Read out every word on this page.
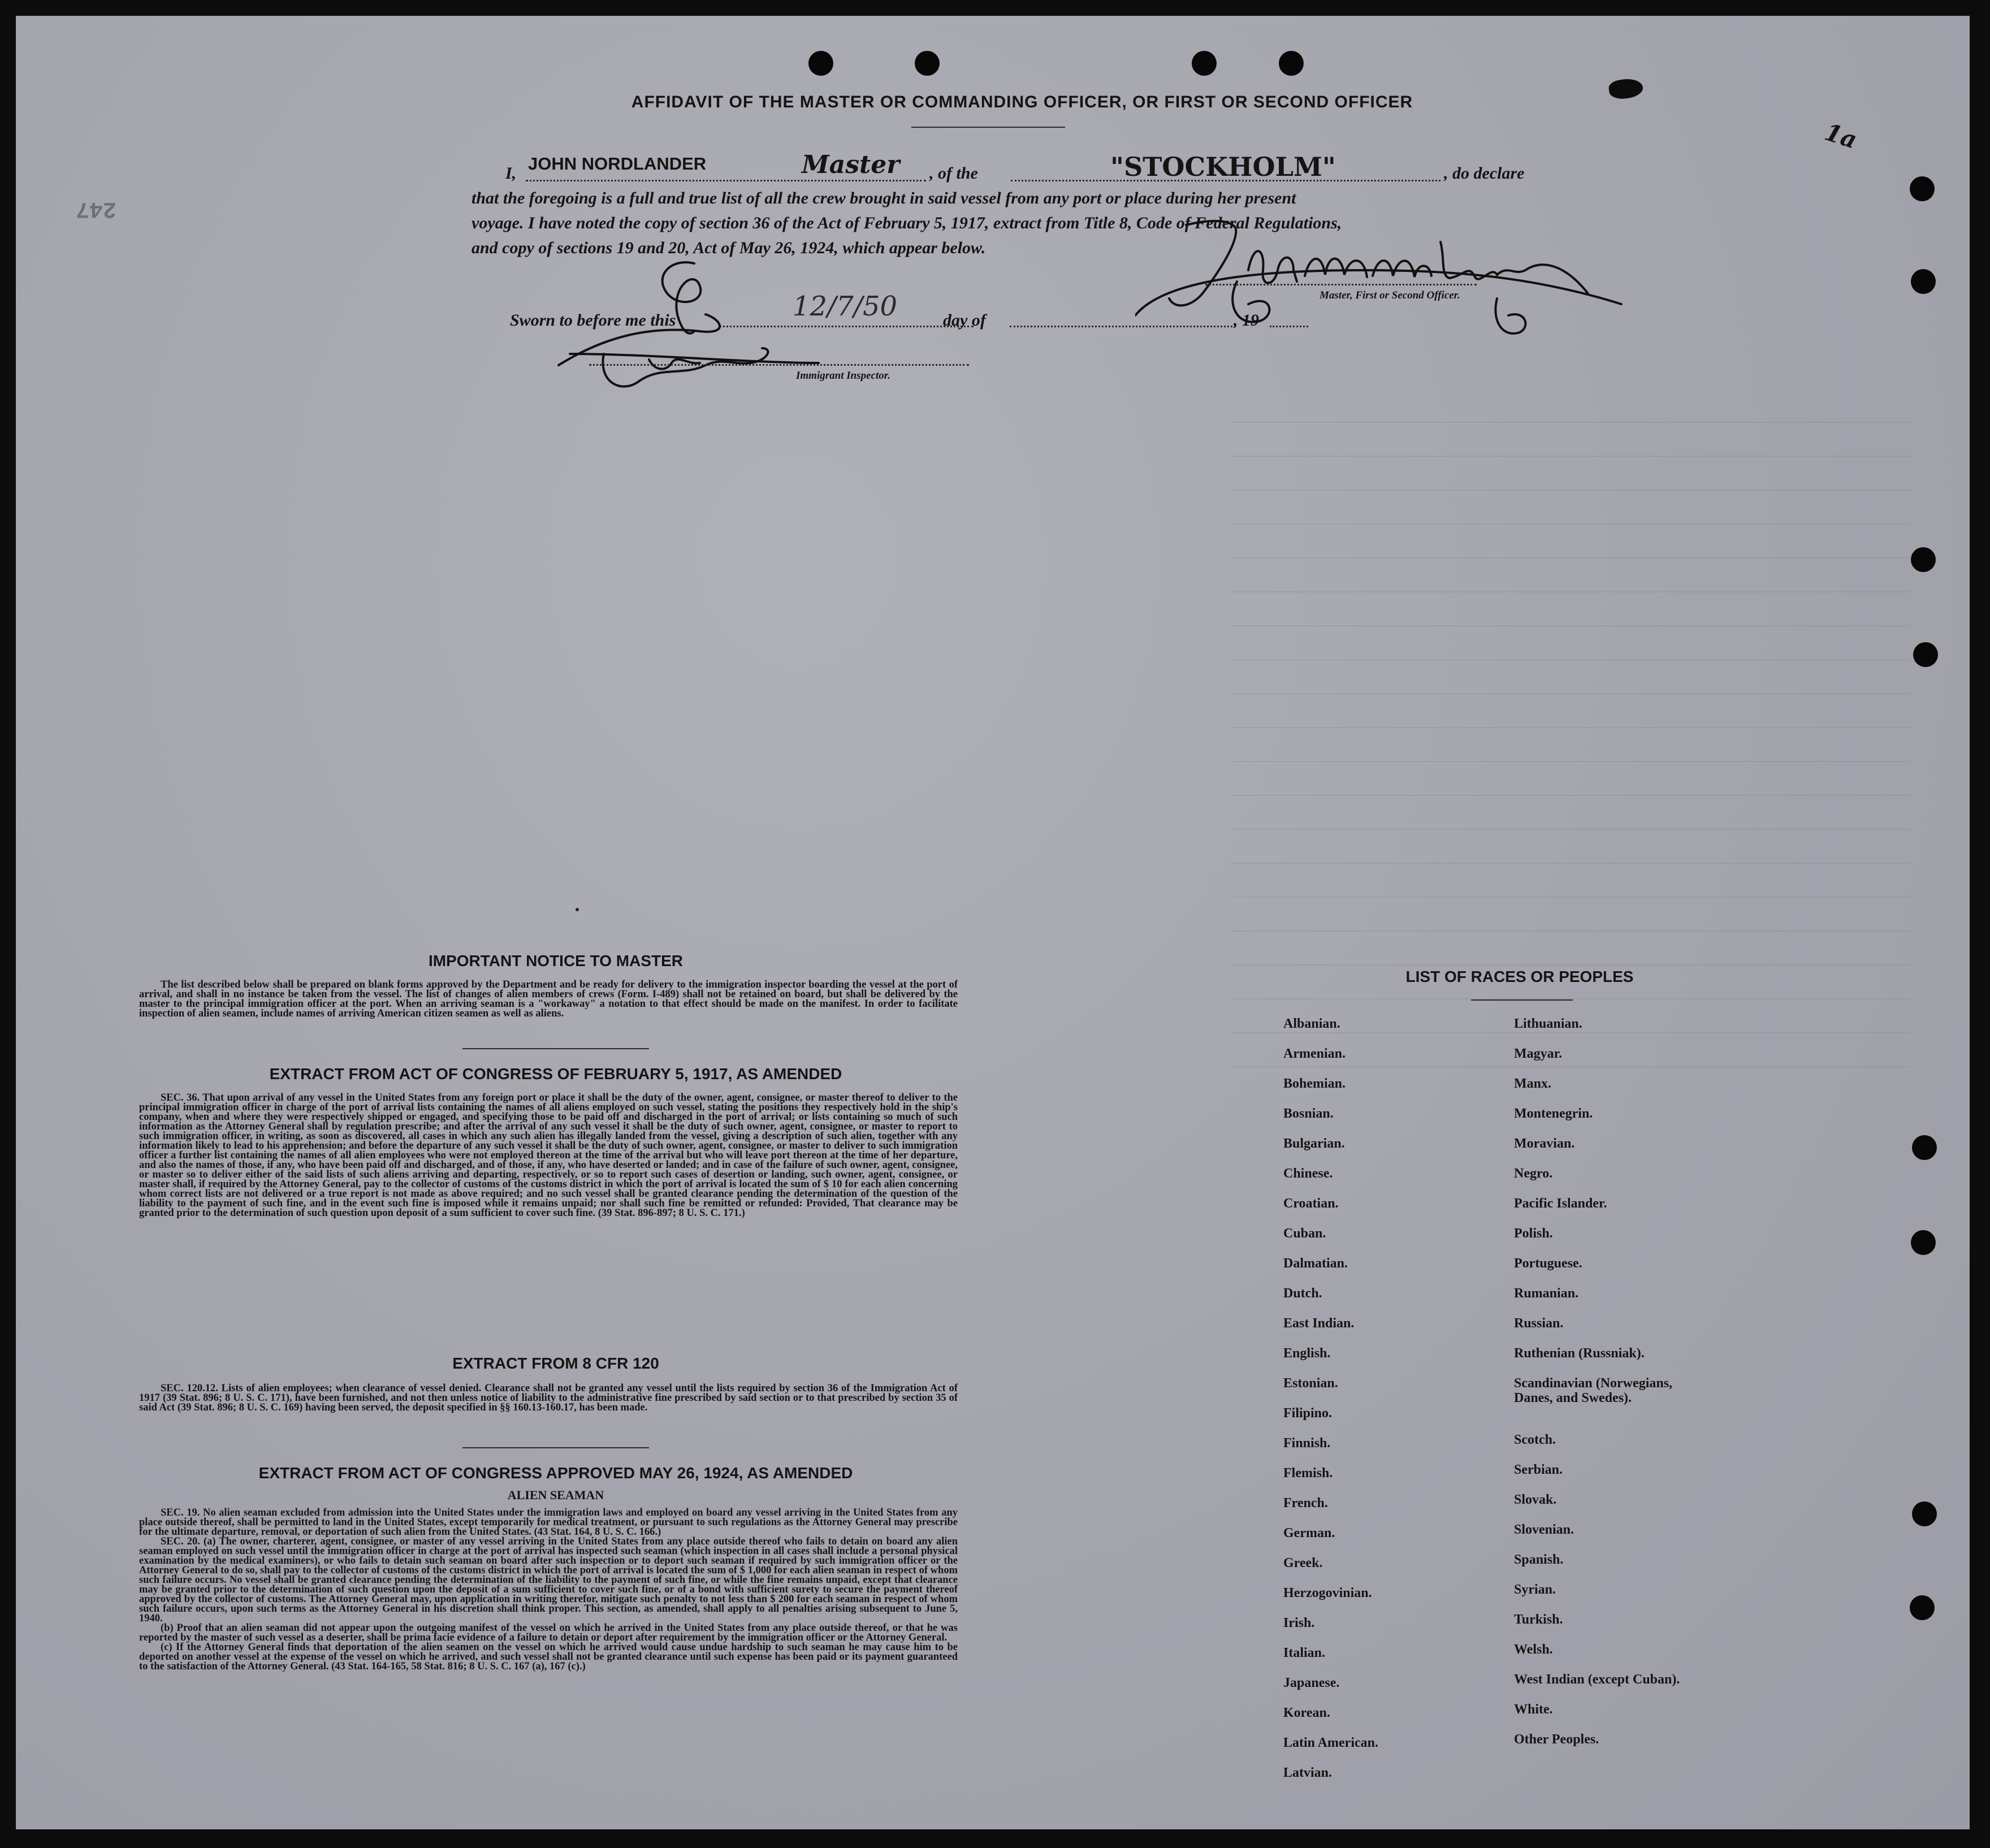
1a
247
AFFIDAVIT OF THE MASTER OR COMMANDING OFFICER, OR FIRST OR SECOND OFFICER
I, JOHN NORDLANDER	Master , of the	"STOCKHOLM"	, do declare
that the foregoing is a full and true list of all the crew brought in said vessel from any port or place during her present
voyage. I have noted the copy of section 36 of the Act of February 5, 1917, extract from Title 8, Code of Federal Regulations,
and copy of sections 19 and 20, Act of May 26, 1924, which appear below.
Sworn to before me this	12/7/50	day of	, 19
Master, First or Second Officer.
Immigrant Inspector.
IMPORTANT NOTICE TO MASTER

The list described below shall be prepared on blank forms approved by the Department and be ready for delivery to the immigration inspector boarding the vessel at the port of arrival, and shall in no instance be taken from the vessel. The list of changes of alien members of crews (Form. I-489) shall not be retained on board, but shall be delivered by the master to the principal immigration officer at the port. When an arriving seaman is a "workaway" a notation to that effect should be made on the manifest. In order to facilitate inspection of alien seamen, include names of arriving American citizen seamen as well as aliens.

EXTRACT FROM ACT OF CONGRESS OF FEBRUARY 5, 1917, AS AMENDED

SEC. 36. That upon arrival of any vessel in the United States from any foreign port or place it shall be the duty of the owner, agent, consignee, or master thereof to deliver to the principal immigration officer in charge of the port of arrival lists containing the names of all aliens employed on such vessel, stating the positions they respectively hold in the ship's company, when and where they were respectively shipped or engaged, and specifying those to be paid off and discharged in the port of arrival; or lists containing so much of such information as the Attorney General shall by regulation prescribe; and after the arrival of any such vessel it shall be the duty of such owner, agent, consignee, or master to report to such immigration officer, in writing, as soon as discovered, all cases in which any such alien has illegally landed from the vessel, giving a description of such alien, together with any information likely to lead to his apprehension; and before the departure of any such vessel it shall be the duty of such owner, agent, consignee, or master to deliver to such immigration officer a further list containing the names of all alien employees who were not employed thereon at the time of the arrival but who will leave port thereon at the time of her departure, and also the names of those, if any, who have been paid off and discharged, and of those, if any, who have deserted or landed; and in case of the failure of such owner, agent, consignee, or master so to deliver either of the said lists of such aliens arriving and departing, respectively, or so to report such cases of desertion or landing, such owner, agent, consignee, or master shall, if required by the Attorney General, pay to the collector of customs of the customs district in which the port of arrival is located the sum of $ 10 for each alien concerning whom correct lists are not delivered or a true report is not made as above required; and no such vessel shall be granted clearance pending the determination of the question of the liability to the payment of such fine, and in the event such fine is imposed while it remains unpaid; nor shall such fine be remitted or refunded: Provided, That clearance may be granted prior to the determination of such question upon deposit of a sum sufficient to cover such fine. (39 Stat. 896-897; 8 U. S. C. 171.)

EXTRACT FROM 8 CFR 120

SEC. 120.12. Lists of alien employees; when clearance of vessel denied. Clearance shall not be granted any vessel until the lists required by section 36 of the Immigration Act of 1917 (39 Stat. 896; 8 U. S. C. 171), have been furnished, and not then unless notice of liability to the administrative fine prescribed by said section or to that prescribed by section 35 of said Act (39 Stat. 896; 8 U. S. C. 169) having been served, the deposit specified in §§ 160.13-160.17, has been made.

EXTRACT FROM ACT OF CONGRESS APPROVED MAY 26, 1924, AS AMENDED
ALIEN SEAMAN

SEC. 19. No alien seaman excluded from admission into the United States under the immigration laws and employed on board any vessel arriving in the United States from any place outside thereof, shall be permitted to land in the United States, except temporarily for medical treatment, or pursuant to such regulations as the Attorney General may prescribe for the ultimate departure, removal, or deportation of such alien from the United States. (43 Stat. 164, 8 U. S. C. 166.)

SEC. 20. (a) The owner, charterer, agent, consignee, or master of any vessel arriving in the United States from any place outside thereof who fails to detain on board any alien seaman employed on such vessel until the immigration officer in charge at the port of arrival has inspected such seaman (which inspection in all cases shall include a personal physical examination by the medical examiners), or who fails to detain such seaman on board after such inspection or to deport such seaman if required by such immigration officer or the Attorney General to do so, shall pay to the collector of customs of the customs district in which the port of arrival is located the sum of $ 1,000 for each alien seaman in respect of whom such failure occurs. No vessel shall be granted clearance pending the determination of the liability to the payment of such fine, or while the fine remains unpaid, except that clearance may be granted prior to the determination of such question upon the deposit of a sum sufficient to cover such fine, or of a bond with sufficient surety to secure the payment thereof approved by the collector of customs. The Attorney General may, upon application in writing therefor, mitigate such penalty to not less than $ 200 for each seaman in respect of whom such failure occurs, upon such terms as the Attorney General in his discretion shall think proper. This section, as amended, shall apply to all penalties arising subsequent to June 5, 1940.

(b) Proof that an alien seaman did not appear upon the outgoing manifest of the vessel on which he arrived in the United States from any place outside thereof, or that he was reported by the master of such vessel as a deserter, shall be prima facie evidence of a failure to detain or deport after requirement by the immigration officer or the Attorney General.

(c) If the Attorney General finds that deportation of the alien seamen on the vessel on which he arrived would cause undue hardship to such seaman he may cause him to be deported on another vessel at the expense of the vessel on which he arrived, and such vessel shall not be granted clearance until such expense has been paid or its payment guaranteed to the satisfaction of the Attorney General. (43 Stat. 164-165, 58 Stat. 816; 8 U. S. C. 167 (a), 167 (c).)

LIST OF RACES OR PEOPLES
Albanian.
Armenian.
Bohemian.
Bosnian.
Bulgarian.
Chinese.
Croatian.
Cuban.
Dalmatian.
Dutch.
East Indian.
English.
Estonian.
Filipino.
Finnish.
Flemish.
French.
German.
Greek.
Herzogovinian.
Irish.
Italian.
Japanese.
Korean.
Latin American.
Latvian.
Lithuanian.
Magyar.
Manx.
Montenegrin.
Moravian.
Negro.
Pacific Islander.
Polish.
Portuguese.
Rumanian.
Russian.
Ruthenian (Russniak).
Scandinavian (Norwegians, Danes, and Swedes).
Scotch.
Serbian.
Slovak.
Slovenian.
Spanish.
Syrian.
Turkish.
Welsh.
West Indian (except Cuban).
White.
Other Peoples.
